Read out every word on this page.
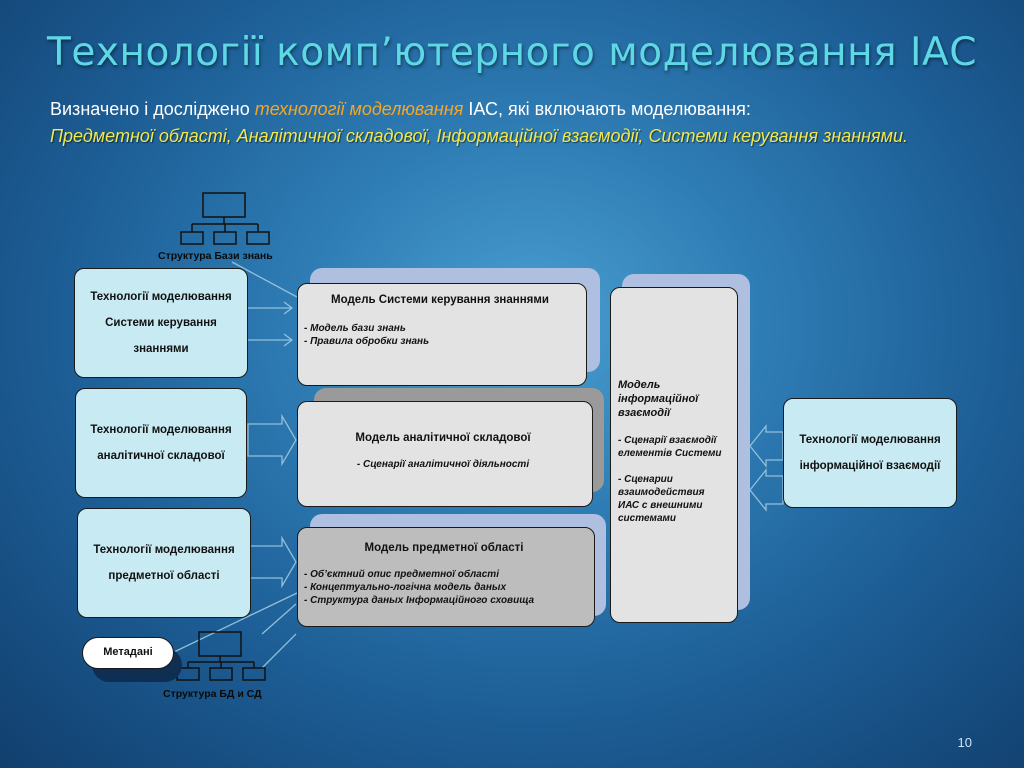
Технології комп’ютерного моделювання ІАС
Визначено і досліджено технології моделювання ІАС, які включають моделювання:
Предметної області, Аналітичної складової, Інформаційної взаємодії, Системи керування знаннями.
Структура Бази знань
Структура БД и СД
Технології моделювання
Системи керування
знаннями
Технології моделювання
аналітичної складової
Технології моделювання
предметної області
Технології моделювання
інформаційної взаємодії
Модель Системи керування знаннями
- Модель бази знань
- Правила обробки знань
Модель аналітичної складової
- Сценарії аналітичної діяльності
Модель предметної області
- Об’єктний опис предметної області
- Концептуально-логічна модель даных
- Структура даных Інформаційного сховища
Модель
інформаційної
взаємодії
- Сценарії взаємодії
елементів Системи
- Сценарии
взаимодействия
ИАС с внешними
системами
Метадані
10
